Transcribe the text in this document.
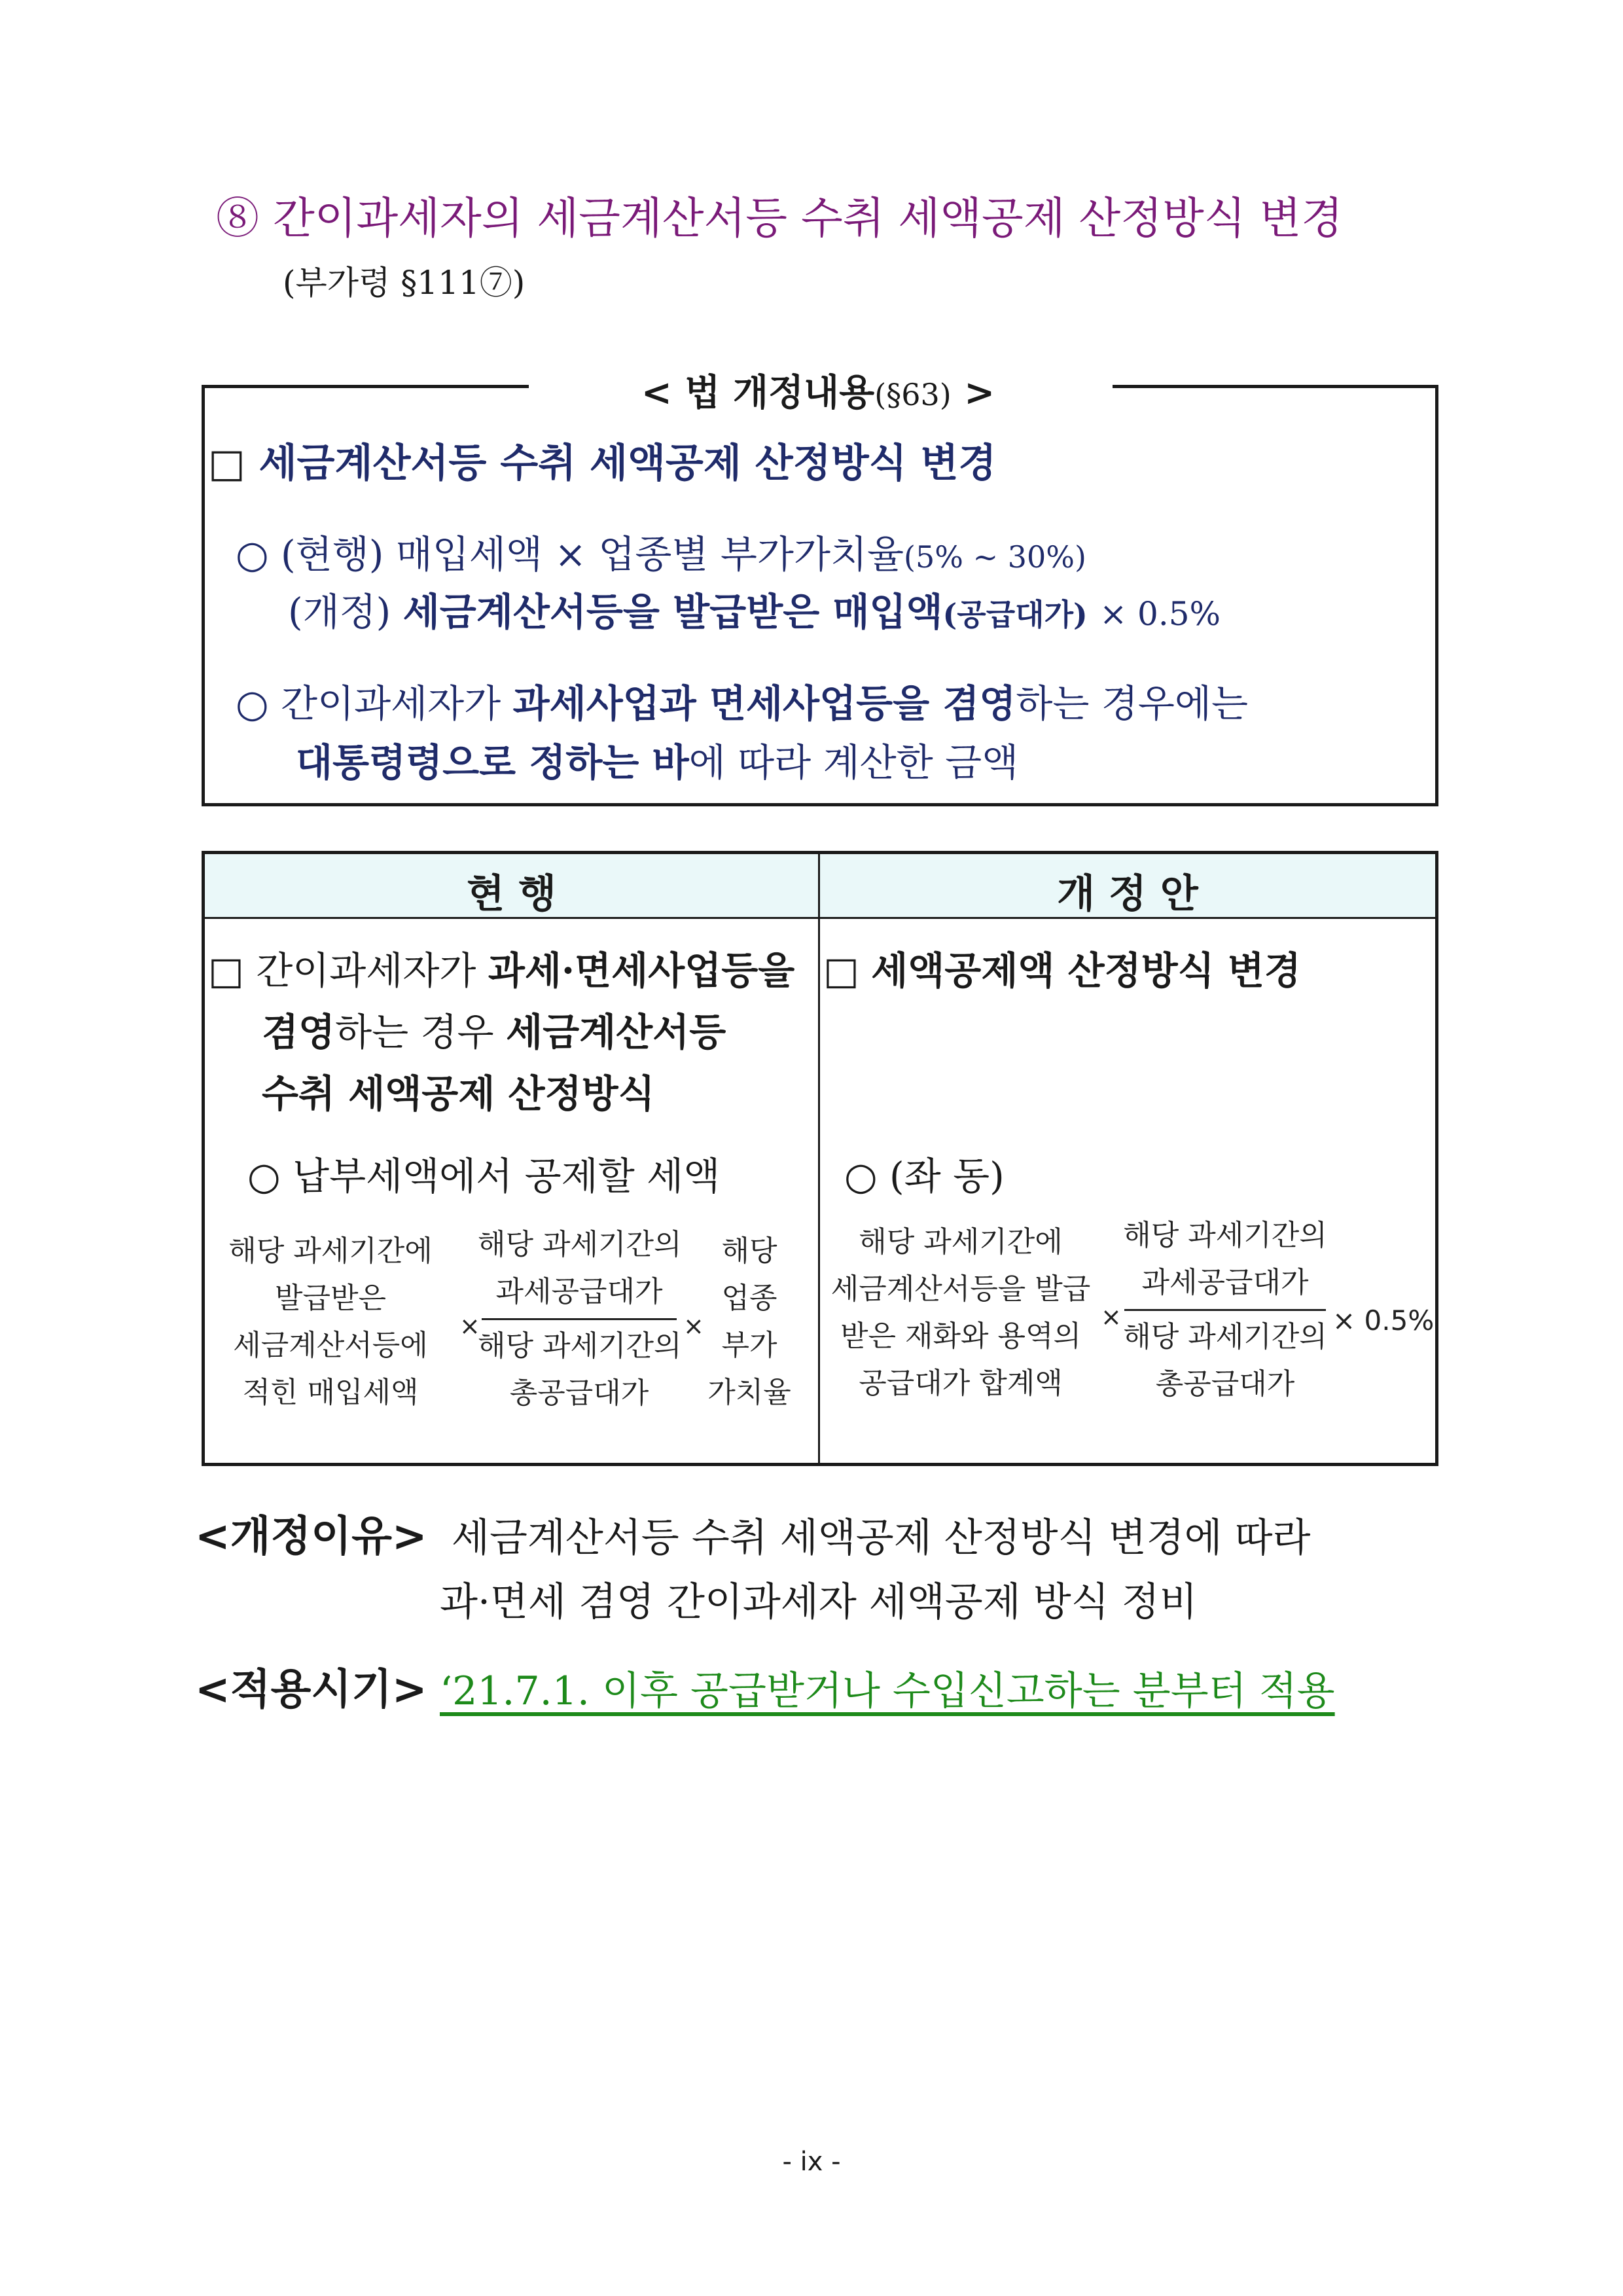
⑧ 간이과세자의 세금계산서등 수취 세액공제 산정방식 변경
(부가령 §111⑦)
< 법 개정내용(§63) >
□ 세금계산서등 수취 세액공제 산정방식 변경
○ (현행) 매입세액 × 업종별 부가가치율(5% ~ 30%)
(개정) 세금계산서등을 발급받은 매입액(공급대가) × 0.5%
○ 간이과세자가 과세사업과 면세사업등을 겸영하는 경우에는
대통령령으로 정하는 바에 따라 계산한 금액
현 행	개 정 안
□ 간이과세자가 과세·면세사업등을
겸영하는 경우 세금계산서등
수취 세액공제 산정방식
○ 납부세액에서 공제할 세액
해당 과세기간에
발급받은
세금계산서등에
적힌 매입세액
×
해당 과세기간의
과세공급대가
해당 과세기간의
총공급대가
×
해당
업종
부가
가치율
□ 세액공제액 산정방식 변경
○ (좌 동)
해당 과세기간에
세금계산서등을 발급
받은 재화와 용역의
공급대가 합계액
×
해당 과세기간의
과세공급대가
해당 과세기간의
총공급대가
× 0.5%
<개정이유> 세금계산서등 수취 세액공제 산정방식 변경에 따라
과·면세 겸영 간이과세자 세액공제 방식 정비
<적용시기> ‘21.7.1. 이후 공급받거나 수입신고하는 분부터 적용
- ix -
